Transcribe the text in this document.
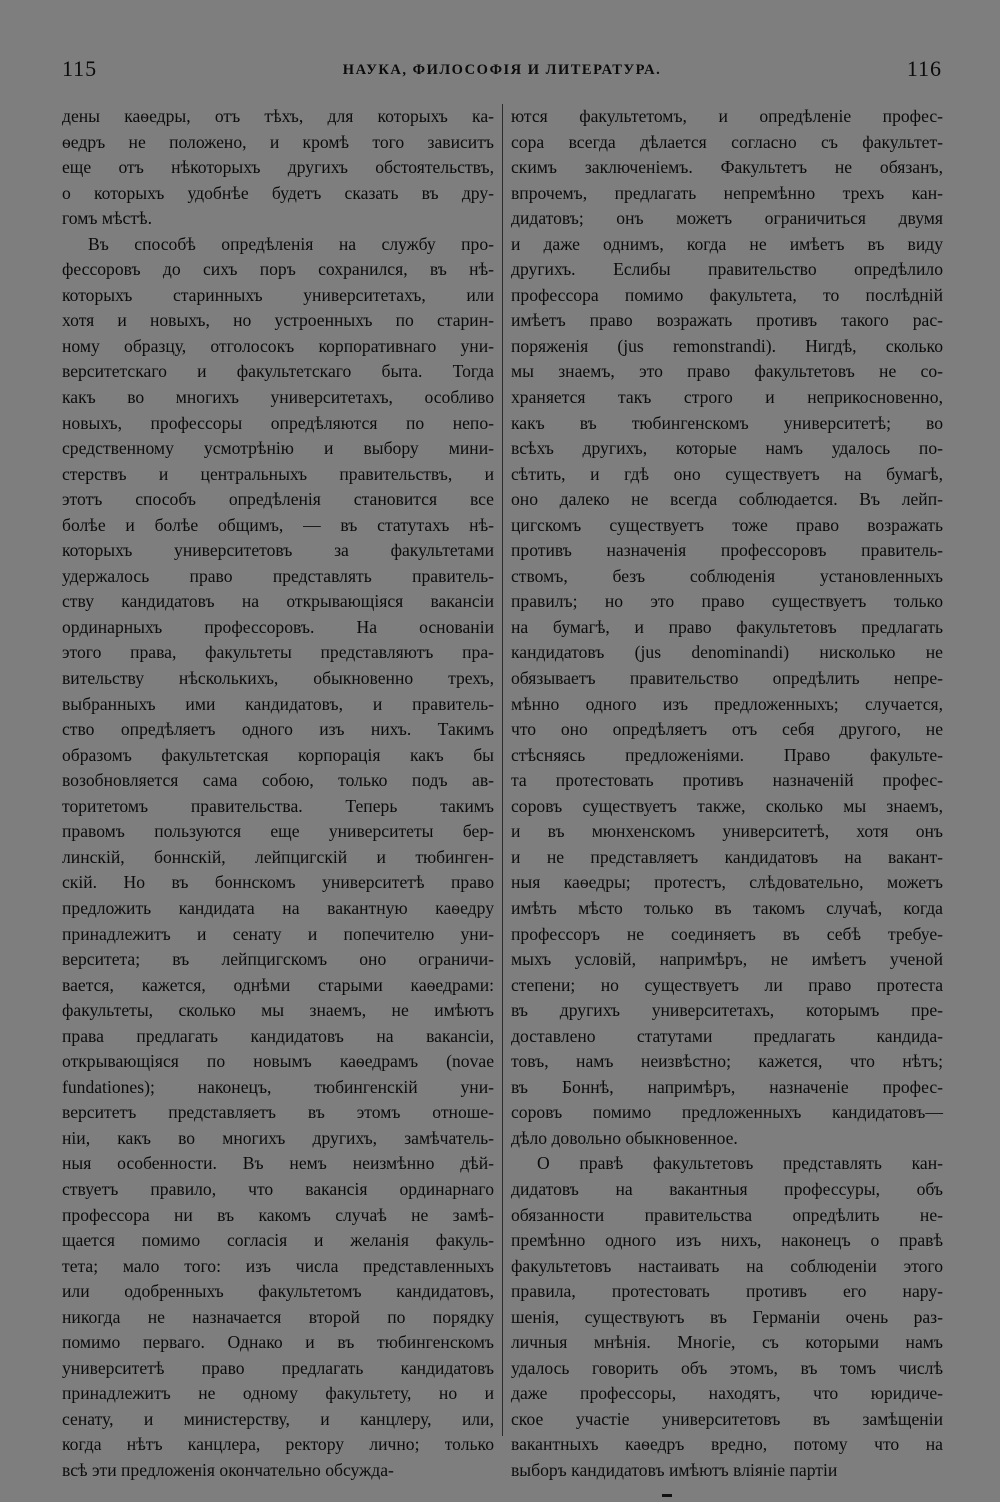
115	НАУКА, ФИЛОСОФІЯ И ЛИТЕРАТУРА.	116

дены каѳедры, отъ тѣхъ, для которыхъ ка-

ѳедръ не положено, и кромѣ того зависитъ

еще отъ нѣкоторыхъ другихъ обстоятельствъ,

о которыхъ удобнѣе будетъ сказать въ дру-

гомъ мѣстѣ.

Въ способѣ опредѣленія на службу про-

фессоровъ до сихъ поръ сохранился, въ нѣ-

которыхъ старинныхъ университетахъ, или

хотя и новыхъ, но устроенныхъ по старин-

ному образцу, отголосокъ корпоративнаго уни-

верситетскаго и факультетскаго быта. Тогда

какъ во многихъ университетахъ, особливо

новыхъ, профессоры опредѣляются по непо-

средственному усмотрѣнію и выбору мини-

стерствъ и центральныхъ правительствъ, и

этотъ способъ опредѣленія становится все

болѣе и болѣе общимъ, — въ статутахъ нѣ-

которыхъ университетовъ за факультетами

удержалось право представлять правитель-

ству кандидатовъ на открывающіяся вакансіи

ординарныхъ профессоровъ. На основаніи

этого права, факультеты представляютъ пра-

вительству нѣсколькихъ, обыкновенно трехъ,

выбранныхъ ими кандидатовъ, и правитель-

ство опредѣляетъ одного изъ нихъ. Такимъ

образомъ факультетская корпорація какъ бы

возобновляется сама собою, только подъ ав-

торитетомъ правительства. Теперь такимъ

правомъ пользуются еще университеты бер-

линскій, боннскій, лейпцигскій и тюбинген-

скій. Но въ боннскомъ университетѣ право

предложить кандидата на вакантную каѳедру

принадлежитъ и сенату и попечителю уни-

верситета; въ лейпцигскомъ оно ограничи-

вается, кажется, однѣми старыми каѳедрами:

факультеты, сколько мы знаемъ, не имѣютъ

права предлагать кандидатовъ на вакансіи,

открывающіяся по новымъ каѳедрамъ (novae

fundationes); наконецъ, тюбингенскій уни-

верситетъ представляетъ въ этомъ отноше-

ніи, какъ во многихъ другихъ, замѣчатель-

ныя особенности. Въ немъ неизмѣнно дѣй-

ствуетъ правило, что вакансія ординарнаго

профессора ни въ какомъ случаѣ не замѣ-

щается помимо согласія и желанія факуль-

тета; мало того: изъ числа представленныхъ

или одобренныхъ факультетомъ кандидатовъ,

никогда не назначается второй по порядку

помимо перваго. Однако и въ тюбингенскомъ

университетѣ право предлагать кандидатовъ

принадлежитъ не одному факультету, но и

сенату, и министерству, и канцлеру, или,

когда нѣтъ канцлера, ректору лично; только

всѣ эти предложенія окончательно обсужда-

ются факультетомъ, и опредѣленіе профес-

сора всегда дѣлается согласно съ факультет-

скимъ заключеніемъ. Факультетъ не обязанъ,

впрочемъ, предлагать непремѣнно трехъ кан-

дидатовъ; онъ можетъ ограничиться двумя

и даже однимъ, когда не имѣетъ въ виду

другихъ. Еслибы правительство опредѣлило

профессора помимо факультета, то послѣдній

имѣетъ право возражать противъ такого рас-

поряженія (jus remonstrandi). Нигдѣ, сколько

мы знаемъ, это право факультетовъ не со-

храняется такъ строго и неприкосновенно,

какъ въ тюбингенскомъ университетѣ; во

всѣхъ другихъ, которые намъ удалось по-

сѣтить, и гдѣ оно существуетъ на бумагѣ,

оно далеко не всегда соблюдается. Въ лейп-

цигскомъ существуетъ тоже право возражать

противъ назначенія профессоровъ правитель-

ствомъ, безъ соблюденія установленныхъ

правилъ; но это право существуетъ только

на бумагѣ, и право факультетовъ предлагать

кандидатовъ (jus denominandi) нисколько не

обязываетъ правительство опредѣлить непре-

мѣнно одного изъ предложенныхъ; случается,

что оно опредѣляетъ отъ себя другого, не

стѣсняясь предложеніями. Право факульте-

та протестовать противъ назначеній профес-

соровъ существуетъ также, сколько мы знаемъ,

и въ мюнхенскомъ университетѣ, хотя онъ

и не представляетъ кандидатовъ на вакант-

ныя каѳедры; протестъ, слѣдовательно, можетъ

имѣть мѣсто только въ такомъ случаѣ, когда

профессоръ не соединяетъ въ себѣ требуе-

мыхъ условій, напримѣръ, не имѣетъ ученой

степени; но существуетъ ли право протеста

въ другихъ университетахъ, которымъ пре-

доставлено статутами предлагать кандида-

товъ, намъ неизвѣстно; кажется, что нѣтъ;

въ Боннѣ, напримѣръ, назначеніе профес-

соровъ помимо предложенныхъ кандидатовъ—

дѣло довольно обыкновенное.

О правѣ факультетовъ представлять кан-

дидатовъ на вакантныя профессуры, объ

обязанности правительства опредѣлить не-

премѣнно одного изъ нихъ, наконецъ о правѣ

факультетовъ настаивать на соблюденіи этого

правила, протестовать противъ его нару-

шенія, существуютъ въ Германіи очень раз-

личныя мнѣнія. Многіе, съ которыми намъ

удалось говорить объ этомъ, въ томъ числѣ

даже профессоры, находятъ, что юридиче-

ское участіе университетовъ въ замѣщеніи

вакантныхъ каѳедръ вредно, потому что на

выборъ кандидатовъ имѣютъ вліяніе партіи
